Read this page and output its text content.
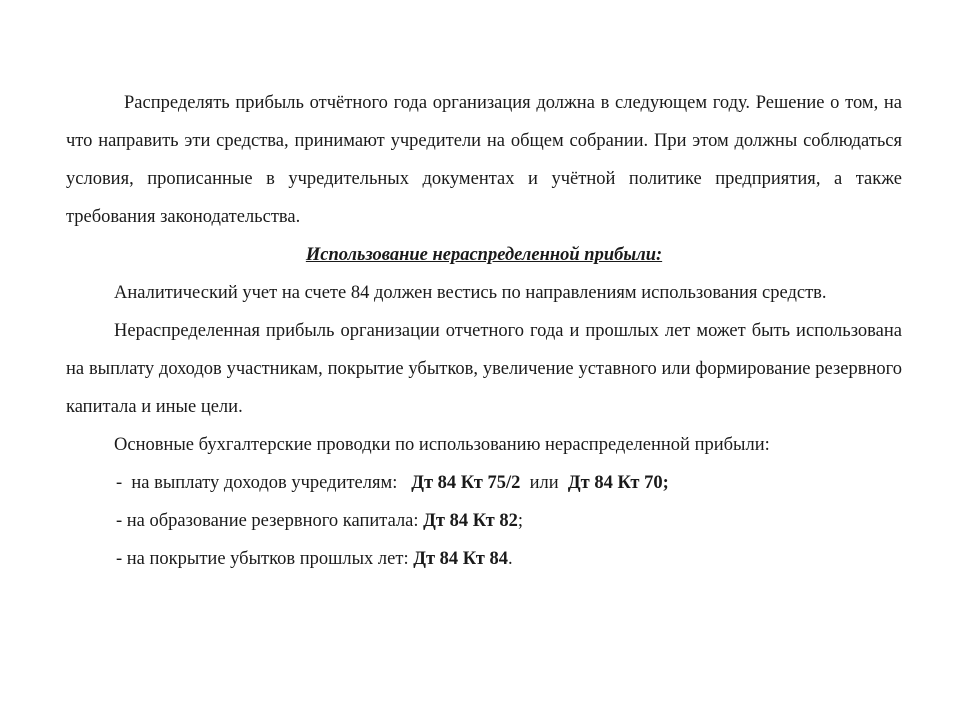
Распределять прибыль отчётного года организация должна в следующем году. Решение о том, на что направить эти средства, принимают учредители на общем собрании. При этом должны соблюдаться условия, прописанные в учредительных документах и учётной политике предприятия, а также требования законодательства.

Использование нераспределенной прибыли:

Аналитический учет на счете 84 должен вестись по направлениям использования средств.

Нераспределенная прибыль организации отчетного года и прошлых лет может быть использована на выплату доходов участникам, покрытие убытков, увеличение уставного или формирование резервного капитала и иные цели.

Основные бухгалтерские проводки по использованию нераспределенной прибыли:

-  на выплату доходов учредителям:   Дт 84 Кт 75/2  или  Дт 84 Кт 70;

- на образование резервного капитала: Дт 84 Кт 82;

- на покрытие убытков прошлых лет: Дт 84 Кт 84.
